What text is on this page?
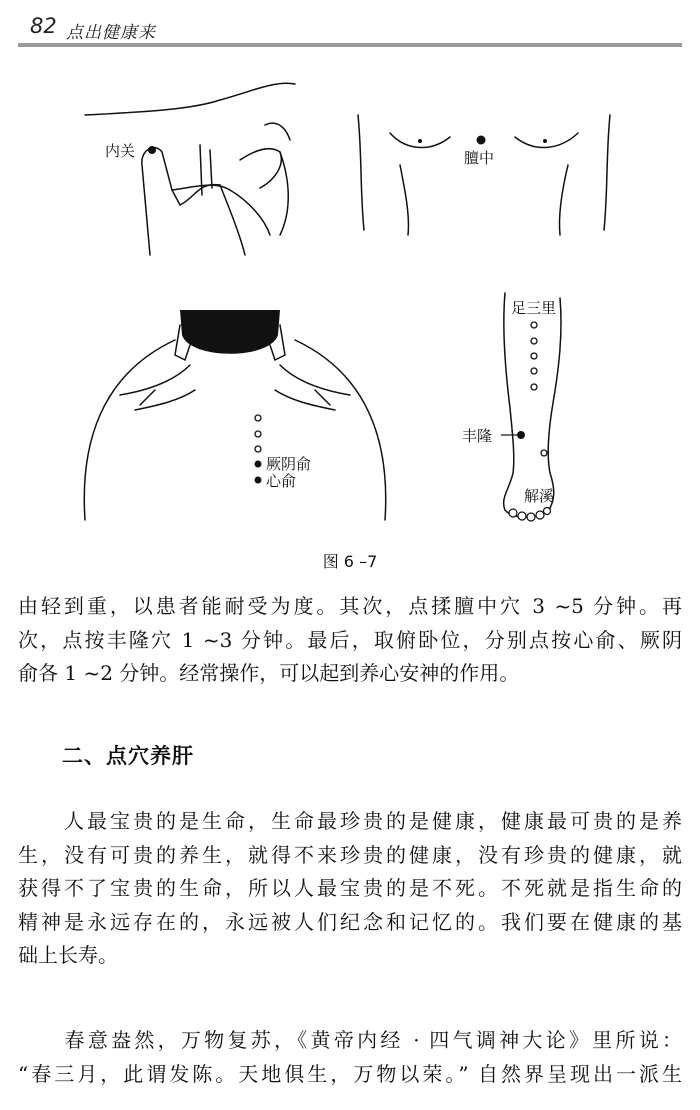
82 点出健康来
内关	膻中
厥阴俞
心俞
足三里
丰隆
解溪
图 6 –7
由轻到重，以患者能耐受为度。其次，点揉膻中穴 3 ~5 分钟。再
次，点按丰隆穴 1 ~3 分钟。最后，取俯卧位，分别点按心俞、厥阴
俞各 1 ~2 分钟。经常操作，可以起到养心安神的作用。
二、点穴养肝
　　人最宝贵的是生命，生命最珍贵的是健康，健康最可贵的是养
生，没有可贵的养生，就得不来珍贵的健康，没有珍贵的健康，就
获得不了宝贵的生命，所以人最宝贵的是不死。不死就是指生命的
精神是永远存在的，永远被人们纪念和记忆的。我们要在健康的基
础上长寿。
　　春意盎然，万物复苏，《黄帝内经 · 四气调神大论》里所说：
“春三月，此谓发陈。天地俱生，万物以荣。” 自然界呈现出一派生
